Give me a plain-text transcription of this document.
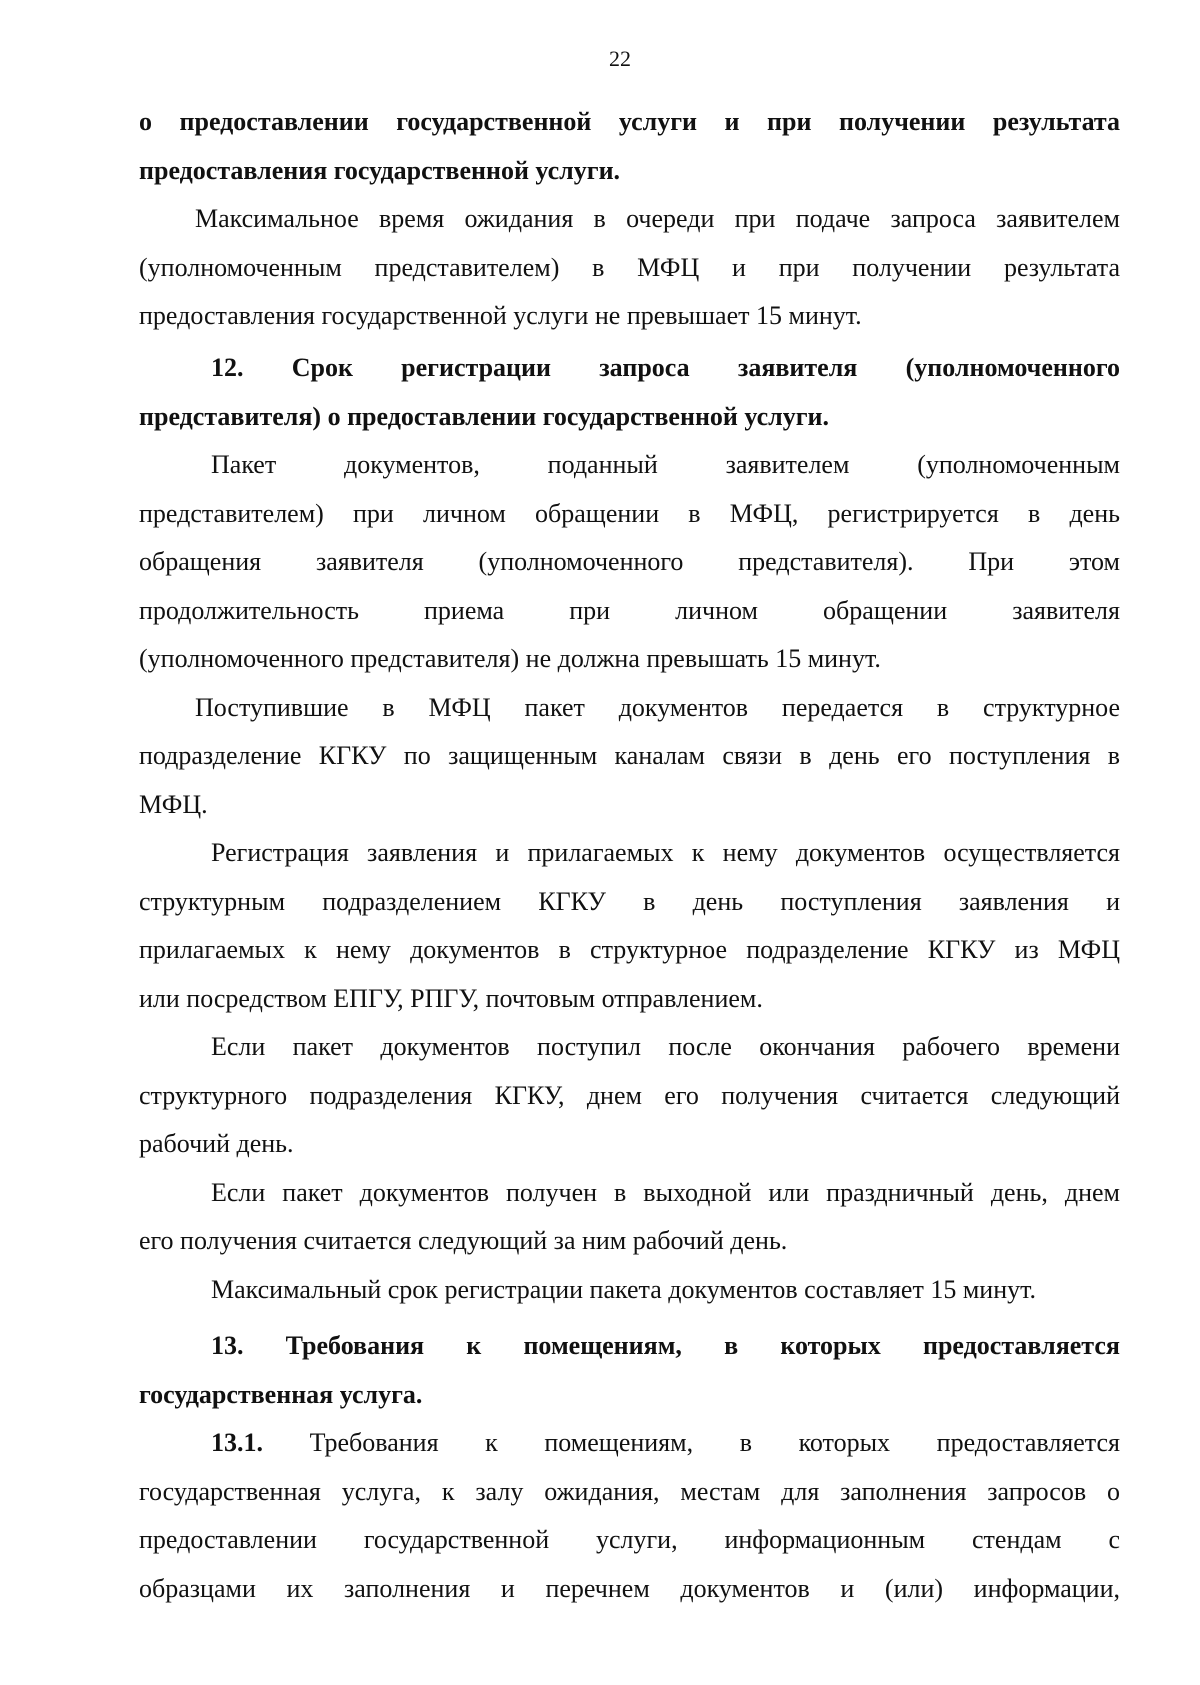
22
о предоставлении государственной услуги и при получении результата
предоставления государственной услуги.
Максимальное время ожидания в очереди при подаче запроса заявителем
(уполномоченным представителем) в МФЦ и при получении результата
предоставления государственной услуги не превышает 15 минут.
12. Срок регистрации запроса заявителя (уполномоченного
представителя) о предоставлении государственной услуги.
Пакет документов, поданный заявителем (уполномоченным
представителем) при личном обращении в МФЦ, регистрируется в день
обращения заявителя (уполномоченного представителя). При этом
продолжительность приема при личном обращении заявителя
(уполномоченного представителя) не должна превышать 15 минут.
Поступившие в МФЦ пакет документов передается в структурное
подразделение КГКУ по защищенным каналам связи в день его поступления в
МФЦ.
Регистрация заявления и прилагаемых к нему документов осуществляется
структурным подразделением КГКУ в день поступления заявления и
прилагаемых к нему документов в структурное подразделение КГКУ из МФЦ
или посредством ЕПГУ, РПГУ, почтовым отправлением.
Если пакет документов поступил после окончания рабочего времени
структурного подразделения КГКУ, днем его получения считается следующий
рабочий день.
Если пакет документов получен в выходной или праздничный день, днем
его получения считается следующий за ним рабочий день.
Максимальный срок регистрации пакета документов составляет 15 минут.
13. Требования к помещениям, в которых предоставляется
государственная услуга.
13.1. Требования к помещениям, в которых предоставляется
государственная услуга, к залу ожидания, местам для заполнения запросов о
предоставлении государственной услуги, информационным стендам с
образцами их заполнения и перечнем документов и (или) информации,
